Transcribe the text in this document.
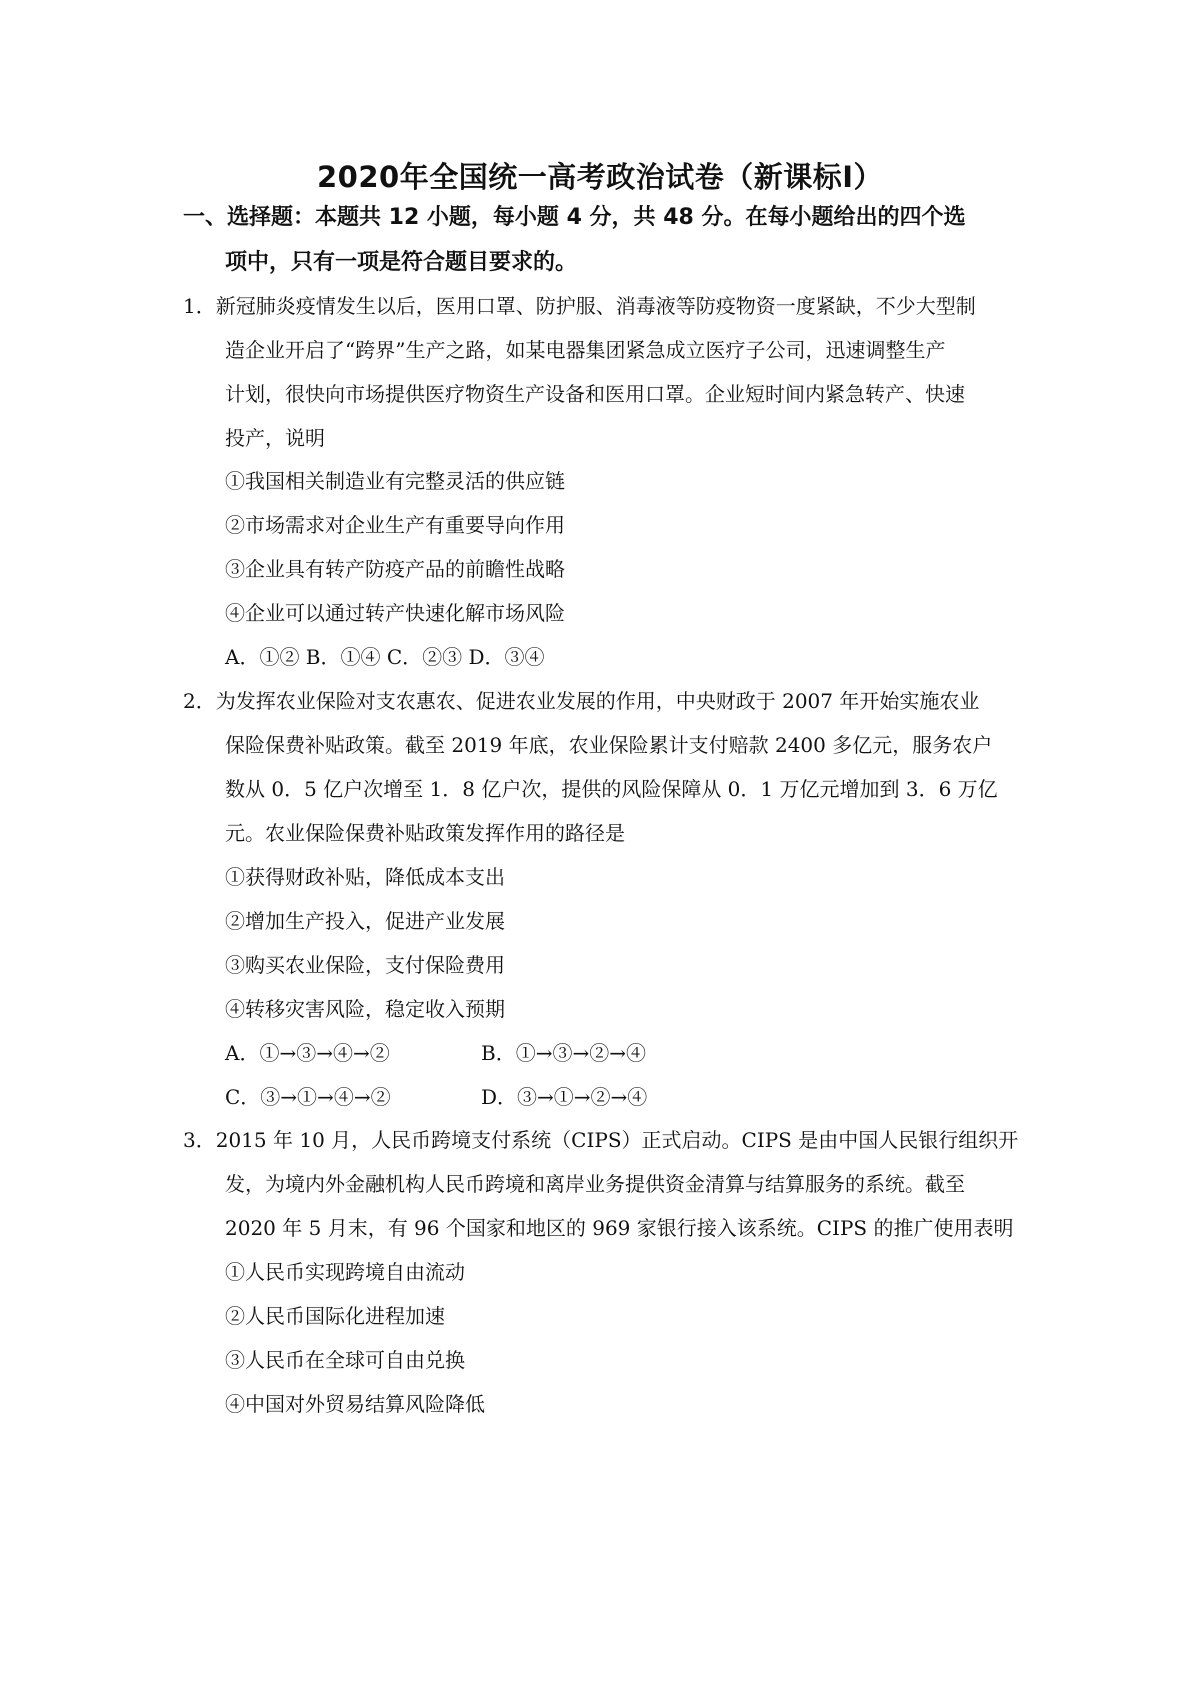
2020年全国统一高考政治试卷（新课标Ⅰ）
一、选择题：本题共 12 小题，每小题 4 分，共 48 分。在每小题给出的四个选
项中，只有一项是符合题目要求的。
1．新冠肺炎疫情发生以后，医用口罩、防护服、消毒液等防疫物资一度紧缺，不少大型制
造企业开启了“跨界”生产之路，如某电器集团紧急成立医疗子公司，迅速调整生产
计划，很快向市场提供医疗物资生产设备和医用口罩。企业短时间内紧急转产、快速
投产，说明
①我国相关制造业有完整灵活的供应链
②市场需求对企业生产有重要导向作用
③企业具有转产防疫产品的前瞻性战略
④企业可以通过转产快速化解市场风险
A．①② B．①④ C．②③ D．③④
2．为发挥农业保险对支农惠农、促进农业发展的作用，中央财政于 2007 年开始实施农业
保险保费补贴政策。截至 2019 年底，农业保险累计支付赔款 2400 多亿元，服务农户
数从 0．5 亿户次增至 1．8 亿户次，提供的风险保障从 0．1 万亿元增加到 3．6 万亿
元。农业保险保费补贴政策发挥作用的路径是
①获得财政补贴，降低成本支出
②增加生产投入，促进产业发展
③购买农业保险，支付保险费用
④转移灾害风险，稳定收入预期
A．①→③→④→②	B．①→③→②→④
C．③→①→④→②	D．③→①→②→④
3．2015 年 10 月，人民币跨境支付系统（CIPS）正式启动。CIPS 是由中国人民银行组织开
发，为境内外金融机构人民币跨境和离岸业务提供资金清算与结算服务的系统。截至
2020 年 5 月末，有 96 个国家和地区的 969 家银行接入该系统。CIPS 的推广使用表明
①人民币实现跨境自由流动
②人民币国际化进程加速
③人民币在全球可自由兑换
④中国对外贸易结算风险降低
